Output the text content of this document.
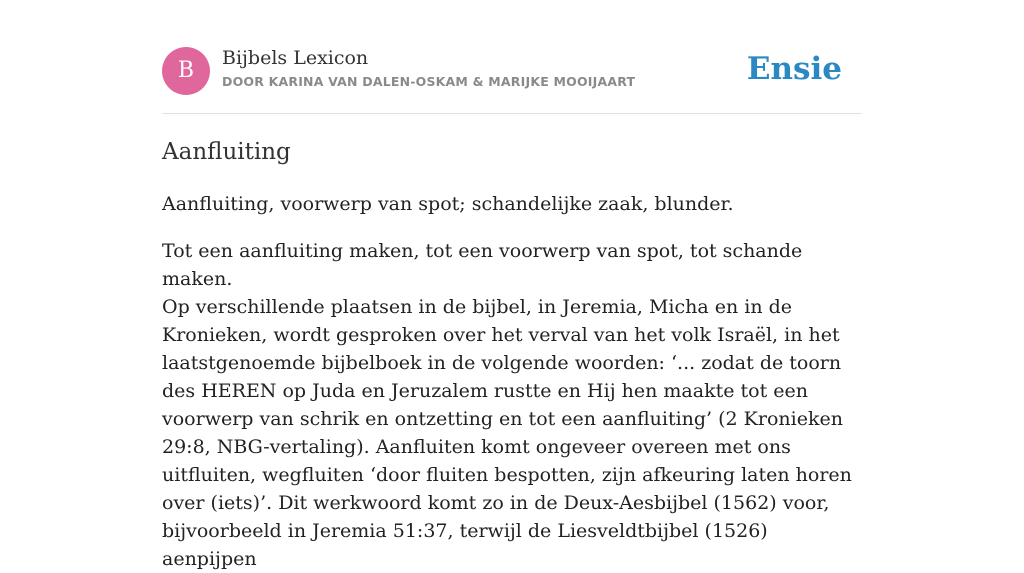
B	Bijbels Lexicon
DOOR KARINA VAN DALEN-OSKAM & MARIJKE MOOIJAART	Ensie
Aanfluiting

Aanfluiting, voorwerp van spot; schandelijke zaak, blunder.

Tot een aanfluiting maken, tot een voorwerp van spot, tot schande maken.

Op verschillende plaatsen in de bijbel, in Jeremia, Micha en in de Kronieken, wordt gesproken over het verval van het volk Israël, in het laatstgenoemde bijbelboek in de volgende woorden: ‘... zodat de toorn des HEREN op Juda en Jeruzalem rustte en Hij hen maakte tot een voorwerp van schrik en ontzetting en tot een aanfluiting’ (2 Kronieken 29:8, NBG-vertaling). Aanfluiten komt ongeveer overeen met ons uitfluiten, wegfluiten ‘door fluiten bespotten, zijn afkeuring laten horen over (iets)’. Dit werkwoord komt zo in de Deux-Aesbijbel (1562) voor, bijvoorbeeld in Jeremia 51:37, terwijl de Liesveldtbijbel (1526) aenpijpen
